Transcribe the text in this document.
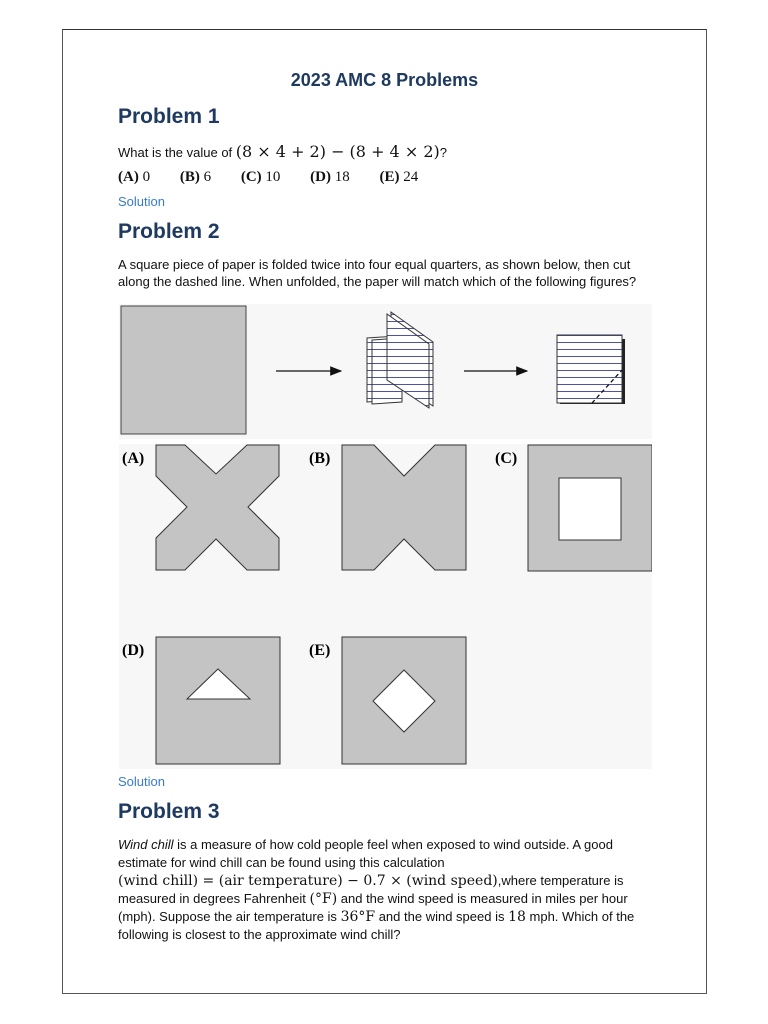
2023 AMC 8 Problems
Problem 1
What is the value of (8 × 4 + 2) − (8 + 4 × 2)?
(A) 0 (B) 6 (C) 10 (D) 18 (E) 24
Solution
Problem 2
A square piece of paper is folded twice into four equal quarters, as shown below, then cut along the dashed line. When unfolded, the paper will match which of the following figures?
(A)	(B)	(C)
(D)	(E)
Solution
Problem 3
Wind chill is a measure of how cold people feel when exposed to wind outside. A good estimate for wind chill can be found using this calculation
(wind chill) = (air temperature) − 0.7 × (wind speed),where temperature is measured in degrees Fahrenheit (°F) and the wind speed is measured in miles per hour (mph). Suppose the air temperature is 36°F and the wind speed is 18 mph. Which of the following is closest to the approximate wind chill?
